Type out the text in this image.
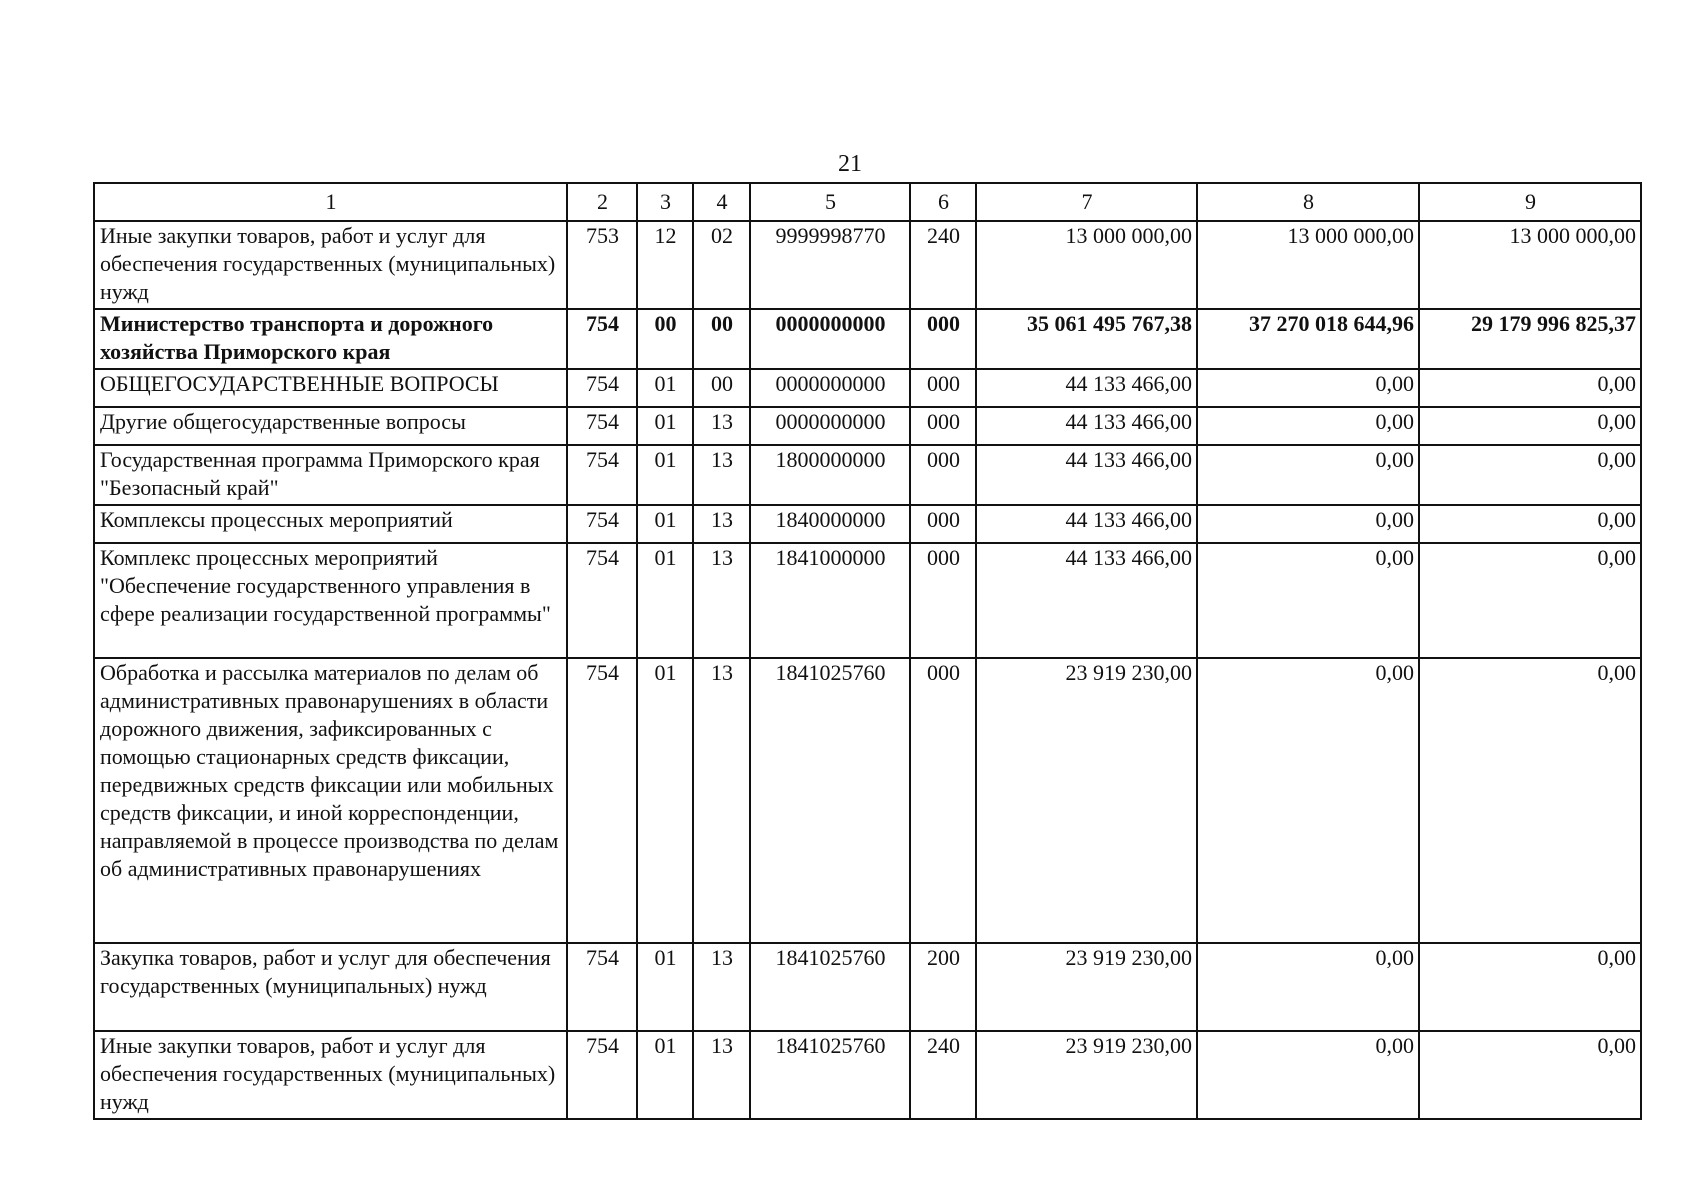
21
1	2	3	4	5	6	7	8	9
Иные закупки товаров, работ и услуг для обеспечения государственных (муниципальных) нужд	753	12	02	9999998770	240	13 000 000,00	13 000 000,00	13 000 000,00
Министерство транспорта и дорожного хозяйства Приморского края	754	00	00	0000000000	000	35 061 495 767,38	37 270 018 644,96	29 179 996 825,37
ОБЩЕГОСУДАРСТВЕННЫЕ ВОПРОСЫ	754	01	00	0000000000	000	44 133 466,00	0,00	0,00
Другие общегосударственные вопросы	754	01	13	0000000000	000	44 133 466,00	0,00	0,00
Государственная программа Приморского края "Безопасный край"	754	01	13	1800000000	000	44 133 466,00	0,00	0,00
Комплексы процессных мероприятий	754	01	13	1840000000	000	44 133 466,00	0,00	0,00
Комплекс процессных мероприятий "Обеспечение государственного управления в сфере реализации государственной программы"	754	01	13	1841000000	000	44 133 466,00	0,00	0,00
Обработка и рассылка материалов по делам об административных правонарушениях в области дорожного движения, зафиксированных с помощью стационарных средств фиксации, передвижных средств фиксации или мобильных средств фиксации, и иной корреспонденции, направляемой в процессе производства по делам об административных правонарушениях	754	01	13	1841025760	000	23 919 230,00	0,00	0,00
Закупка товаров, работ и услуг для обеспечения государственных (муниципальных) нужд	754	01	13	1841025760	200	23 919 230,00	0,00	0,00
Иные закупки товаров, работ и услуг для обеспечения государственных (муниципальных) нужд	754	01	13	1841025760	240	23 919 230,00	0,00	0,00
